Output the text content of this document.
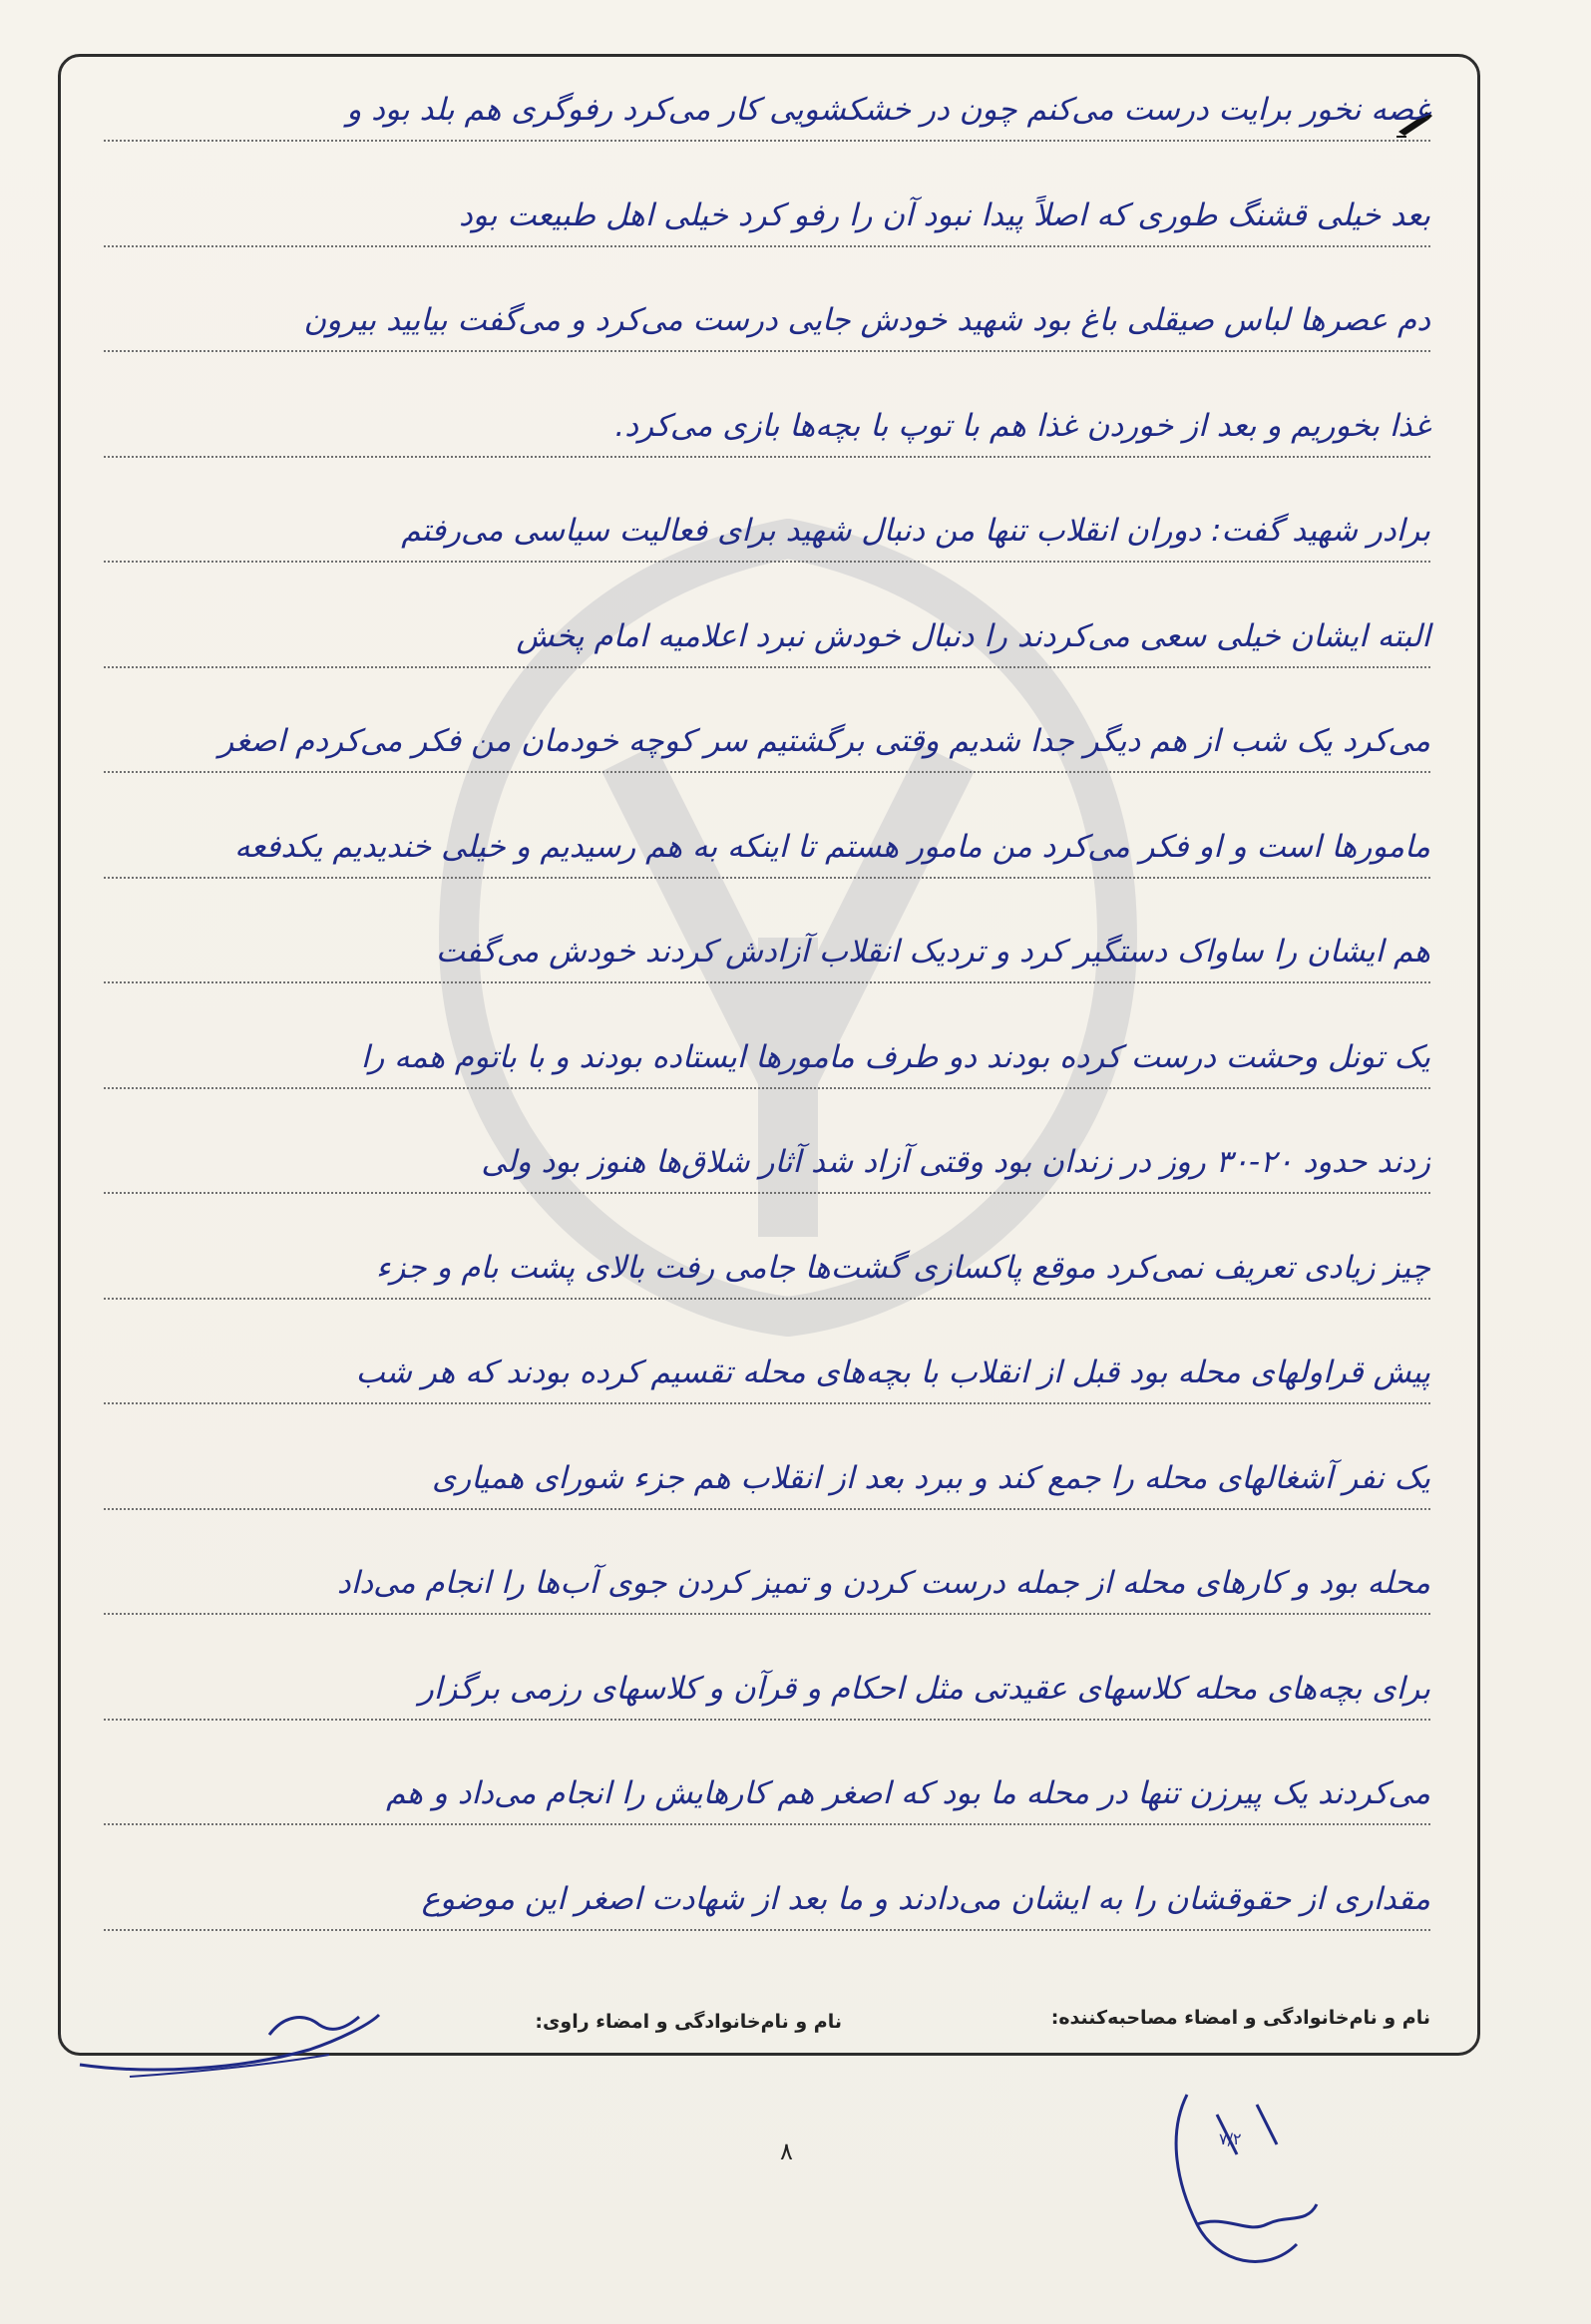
غصه نخور برایت درست می‌کنم چون در خشکشویی کار می‌کرد رفوگری هم بلد بود و
بعد خیلی قشنگ طوری که اصلاً پیدا نبود آن را رفو کرد خیلی اهل طبیعت بود
دم عصرها لباس صیقلی باغ بود شهید خودش جایی درست می‌کرد و می‌گفت بیایید بیرون
غذا بخوریم و بعد از خوردن غذا هم با توپ با بچه‌ها بازی می‌کرد.
برادر شهید گفت: دوران انقلاب تنها من دنبال شهید برای فعالیت سیاسی می‌رفتم
البته ایشان خیلی سعی می‌کردند را دنبال خودش نبرد اعلامیه امام پخش
می‌کرد یک شب از هم دیگر جدا شدیم وقتی برگشتیم سر کوچه خودمان من فکر می‌کردم اصغر
مامورها است و او فکر می‌کرد من مامور هستم تا اینکه به هم رسیدیم و خیلی خندیدیم یکدفعه
هم ایشان را ساواک دستگیر کرد و تردیک انقلاب آزادش کردند خودش می‌گفت
یک تونل وحشت درست کرده بودند دو طرف مامورها ایستاده بودند و با باتوم همه را
زدند حدود ۲۰-۳۰ روز در زندان بود وقتی آزاد شد آثار شلاق‌ها هنوز بود ولی
چیز زیادی تعریف نمی‌کرد موقع پاکسازی گشت‌ها جامی رفت بالای پشت بام و جزء
پیش قراولهای محله بود قبل از انقلاب با بچه‌های محله تقسیم کرده بودند که هر شب
یک نفر آشغالهای محله را جمع کند و ببرد بعد از انقلاب هم جزء شورای همیاری
محله بود و کارهای محله از جمله درست کردن و تمیز کردن جوی آب‌ها را انجام می‌داد
برای بچه‌های محله کلاسهای عقیدتی مثل احکام و قرآن و کلاسهای رزمی برگزار
می‌کردند یک پیرزن تنها در محله ما بود که اصغر هم کارهایش را انجام می‌داد و هم
مقداری از حقوقشان را به ایشان می‌دادند و ما بعد از شهادت اصغر این موضوع
نام و نام‌خانوادگی و امضاء مصاحبه‌کننده:
نام و نام‌خانوادگی و امضاء راوی:
۷/۲
۸
